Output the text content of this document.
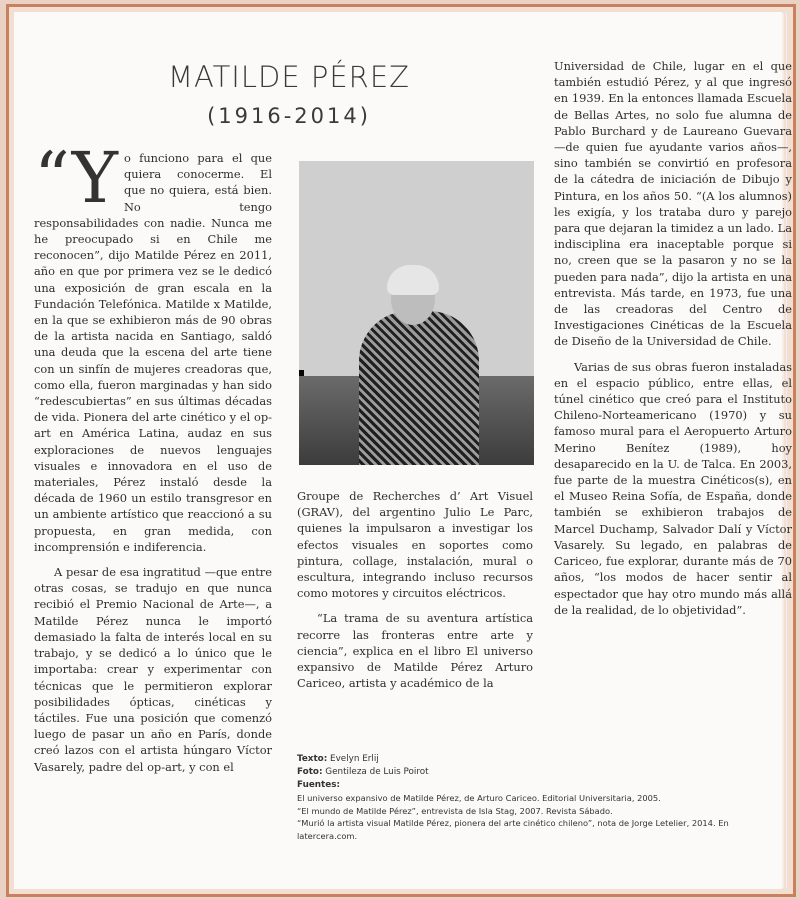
MATILDE PÉREZ
(1916-2014)

“Yo funciono para el que quiera conocerme. El que no quiera, está bien. No tengo responsabilidades con nadie. Nunca me he preocupado si en Chile me reconocen”, dijo Matilde Pérez en 2011, año en que por primera vez se le dedicó una exposición de gran escala en la Fundación Telefónica. Matilde x Matilde, en la que se exhibieron más de 90 obras de la artista nacida en Santiago, saldó una deuda que la escena del arte tiene con un sinfín de mujeres creadoras que, como ella, fueron marginadas y han sido “redescubiertas” en sus últimas décadas de vida. Pionera del arte cinético y el op-art en América Latina, audaz en sus exploraciones de nuevos lenguajes visuales e innovadora en el uso de materiales, Pérez instaló desde la década de 1960 un estilo transgresor en un ambiente artístico que reaccionó a su propuesta, en gran medida, con incomprensión e indiferencia.

A pesar de esa ingratitud —que entre otras cosas, se tradujo en que nunca recibió el Premio Nacional de Arte—, a Matilde Pérez nunca le importó demasiado la falta de interés local en su trabajo, y se dedicó a lo único que le importaba: crear y experimentar con técnicas que le permitieron explorar posibilidades ópticas, cinéticas y táctiles. Fue una posición que comenzó luego de pasar un año en París, donde creó lazos con el artista húngaro Víctor Vasarely, padre del op-art, y con el

Groupe de Recherches d’ Art Visuel (GRAV), del argentino Julio Le Parc, quienes la impulsaron a investigar los efectos visuales en soportes como pintura, collage, instalación, mural o escultura, integrando incluso recursos como motores y circuitos eléctricos.

“La trama de su aventura artística recorre las fronteras entre arte y ciencia”, explica en el libro El universo expansivo de Matilde Pérez Arturo Cariceo, artista y académico de la

Universidad de Chile, lugar en el que también estudió Pérez, y al que ingresó en 1939. En la entonces llamada Escuela de Bellas Artes, no solo fue alumna de Pablo Burchard y de Laureano Guevara —de quien fue ayudante varios años—, sino también se convirtió en profesora de la cátedra de iniciación de Dibujo y Pintura, en los años 50. “(A los alumnos) les exigía, y los trataba duro y parejo para que dejaran la timidez a un lado. La indisciplina era inaceptable porque si no, creen que se la pasaron y no se la pueden para nada”, dijo la artista en una entrevista. Más tarde, en 1973, fue una de las creadoras del Centro de Investigaciones Cinéticas de la Escuela de Diseño de la Universidad de Chile.

Varias de sus obras fueron instaladas en el espacio público, entre ellas, el túnel cinético que creó para el Instituto Chileno-Norteamericano (1970) y su famoso mural para el Aeropuerto Arturo Merino Benítez (1989), hoy desaparecido en la U. de Talca. En 2003, fue parte de la muestra Cinéticos(s), en el Museo Reina Sofía, de España, donde también se exhibieron trabajos de Marcel Duchamp, Salvador Dalí y Víctor Vasarely. Su legado, en palabras de Cariceo, fue explorar, durante más de 70 años, “los modos de hacer sentir al espectador que hay otro mundo más allá de la realidad, de lo objetividad”.

Texto: Evelyn Erlij
Foto: Gentileza de Luis Poirot
Fuentes:
El universo expansivo de Matilde Pérez, de Arturo Cariceo. Editorial Universitaria, 2005.
“El mundo de Matilde Pérez”, entrevista de Isla Stag, 2007. Revista Sábado.
“Murió la artista visual Matilde Pérez, pionera del arte cinético chileno”, nota de Jorge Letelier, 2014. En latercera.com.
